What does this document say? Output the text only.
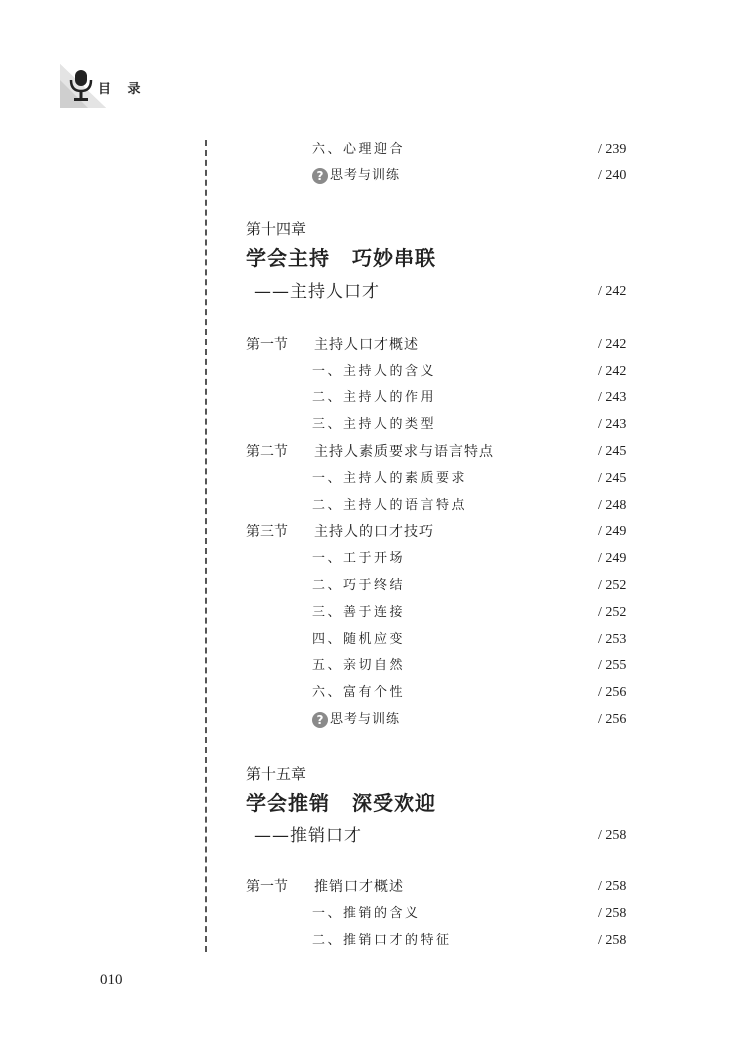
目 录
六、心理迎合	/ 239
? 思考与训练	/ 240
第十四章
学会主持 巧妙串联
——主持人口才	/ 242
第一节 主持人口才概述	/ 242
一、主持人的含义	/ 242
二、主持人的作用	/ 243
三、主持人的类型	/ 243
第二节 主持人素质要求与语言特点	/ 245
一、主持人的素质要求	/ 245
二、主持人的语言特点	/ 248
第三节 主持人的口才技巧	/ 249
一、工于开场	/ 249
二、巧于终结	/ 252
三、善于连接	/ 252
四、随机应变	/ 253
五、亲切自然	/ 255
六、富有个性	/ 256
? 思考与训练	/ 256
第十五章
学会推销 深受欢迎
——推销口才	/ 258
第一节 推销口才概述	/ 258
一、推销的含义	/ 258
二、推销口才的特征	/ 258
010
